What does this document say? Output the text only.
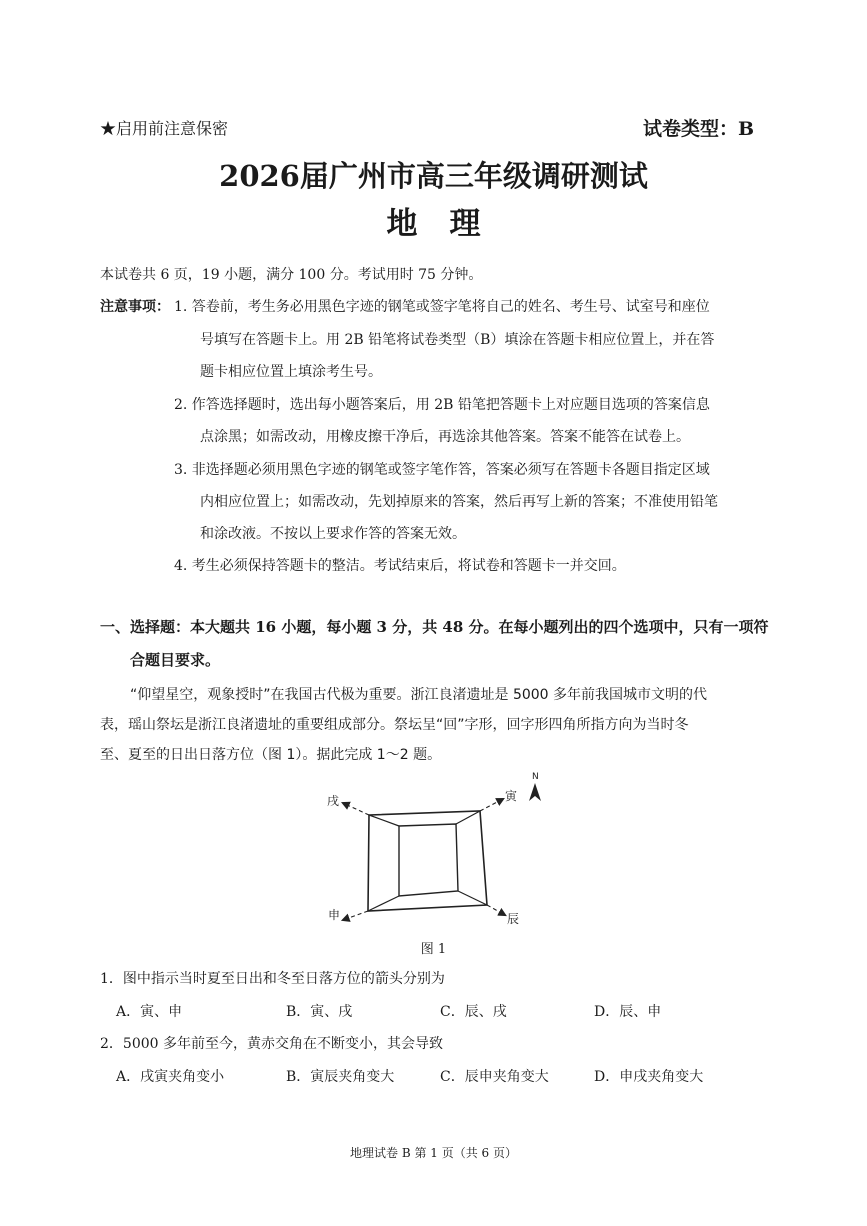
★启用前注意保密	试卷类型：B
2026届广州市高三年级调研测试
地理
本试卷共 6 页，19 小题，满分 100 分。考试用时 75 分钟。
注意事项： 1. 答卷前，考生务必用黑色字迹的钢笔或签字笔将自己的姓名、考生号、试室号和座位
号填写在答题卡上。用 2B 铅笔将试卷类型（B）填涂在答题卡相应位置上，并在答
题卡相应位置上填涂考生号。
2. 作答选择题时，选出每小题答案后，用 2B 铅笔把答题卡上对应题目选项的答案信息
点涂黑；如需改动，用橡皮擦干净后，再选涂其他答案。答案不能答在试卷上。
3. 非选择题必须用黑色字迹的钢笔或签字笔作答，答案必须写在答题卡各题目指定区域
内相应位置上；如需改动，先划掉原来的答案，然后再写上新的答案；不准使用铅笔
和涂改液。不按以上要求作答的答案无效。
4. 考生必须保持答题卡的整洁。考试结束后，将试卷和答题卡一并交回。
一、选择题：本大题共 16 小题，每小题 3 分，共 48 分。在每小题列出的四个选项中，只有一项符
合题目要求。
“仰望星空，观象授时”在我国古代极为重要。浙江良渚遗址是 5000 多年前我国城市文明的代
表，瑶山祭坛是浙江良渚遗址的重要组成部分。祭坛呈“回”字形，回字形四角所指方向为当时冬
至、夏至的日出日落方位（图 1）。据此完成 1～2 题。
戌	寅
申	辰
N
图 1
1．图中指示当时夏至日出和冬至日落方位的箭头分别为
A．寅、申	B．寅、戌	C．辰、戌	D．辰、申
2．5000 多年前至今，黄赤交角在不断变小，其会导致
A．戌寅夹角变小	B．寅辰夹角变大	C．辰申夹角变大	D．申戌夹角变大
地理试卷 B 第 1 页（共 6 页）
